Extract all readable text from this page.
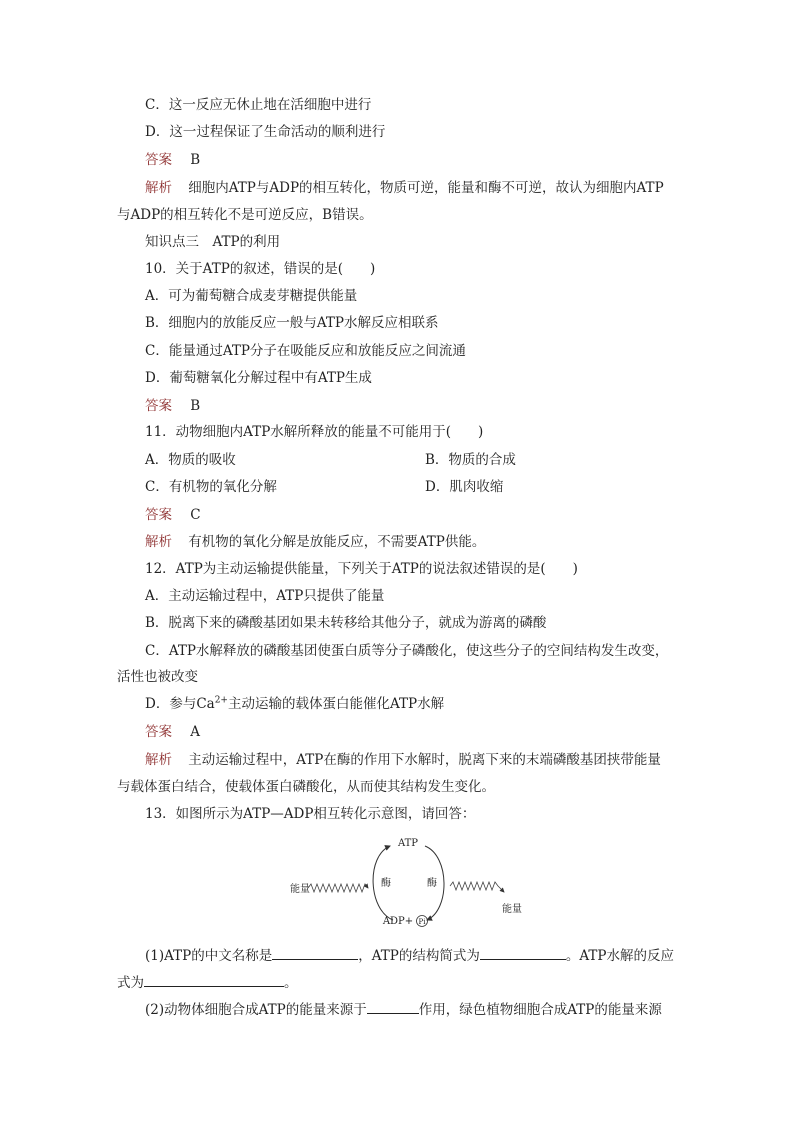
C．这一反应无休止地在活细胞中进行
D．这一过程保证了生命活动的顺利进行
答案 B
解析 细胞内ATP与ADP的相互转化，物质可逆，能量和酶不可逆，故认为细胞内ATP
与ADP的相互转化不是可逆反应，B错误。
知识点三　ATP的利用
10．关于ATP的叙述，错误的是(　　)
A．可为葡萄糖合成麦芽糖提供能量
B．细胞内的放能反应一般与ATP水解反应相联系
C．能量通过ATP分子在吸能反应和放能反应之间流通
D．葡萄糖氧化分解过程中有ATP生成
答案 B
11．动物细胞内ATP水解所释放的能量不可能用于(　　)
A．物质的吸收	B．物质的合成
C．有机物的氧化分解	D．肌肉收缩
答案 C
解析 有机物的氧化分解是放能反应，不需要ATP供能。
12．ATP为主动运输提供能量，下列关于ATP的说法叙述错误的是(　　)
A．主动运输过程中，ATP只提供了能量
B．脱离下来的磷酸基团如果未转移给其他分子，就成为游离的磷酸
C．ATP水解释放的磷酸基团使蛋白质等分子磷酸化，使这些分子的空间结构发生改变，
活性也被改变
D．参与$Ca^{2+}$主动运输的载体蛋白能催化ATP水解
答案 A
解析 主动运输过程中，ATP在酶的作用下水解时，脱离下来的末端磷酸基团挟带能量
与载体蛋白结合，使载体蛋白磷酸化，从而使其结构发生变化。
13．如图所示为ATP—ADP相互转化示意图，请回答：
ATP
ADP+ Pi
酶	酶
能量
能量
(1)ATP的中文名称是	，ATP的结构简式为	。ATP水解的反应
式为	。
(2)动物体细胞合成ATP的能量来源于	作用，绿色植物细胞合成ATP的能量来源
